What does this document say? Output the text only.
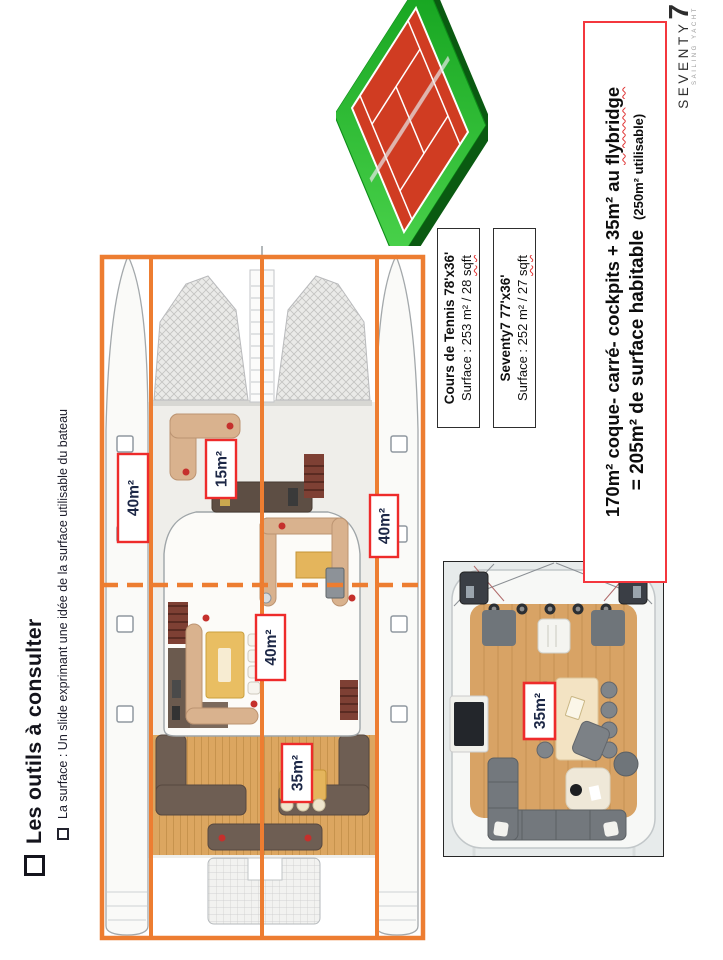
Les outils à consulter La surface : Un slide exprimant une idée de la surface utilisable du bateau	40m²
15m²
40m²
40m²
35m²
35m²
Cours de Tennis 78'x36' Surface : 253 m² / 28 sqft
Seventy7 77'x36' Surface : 252 m² / 27 sqft	170m² coque- carré- cockpits + 35m² au flybridge
= 205m² de surface habitable
(250m² utilisable)
SEVENTY
7
SAILING YACHT
